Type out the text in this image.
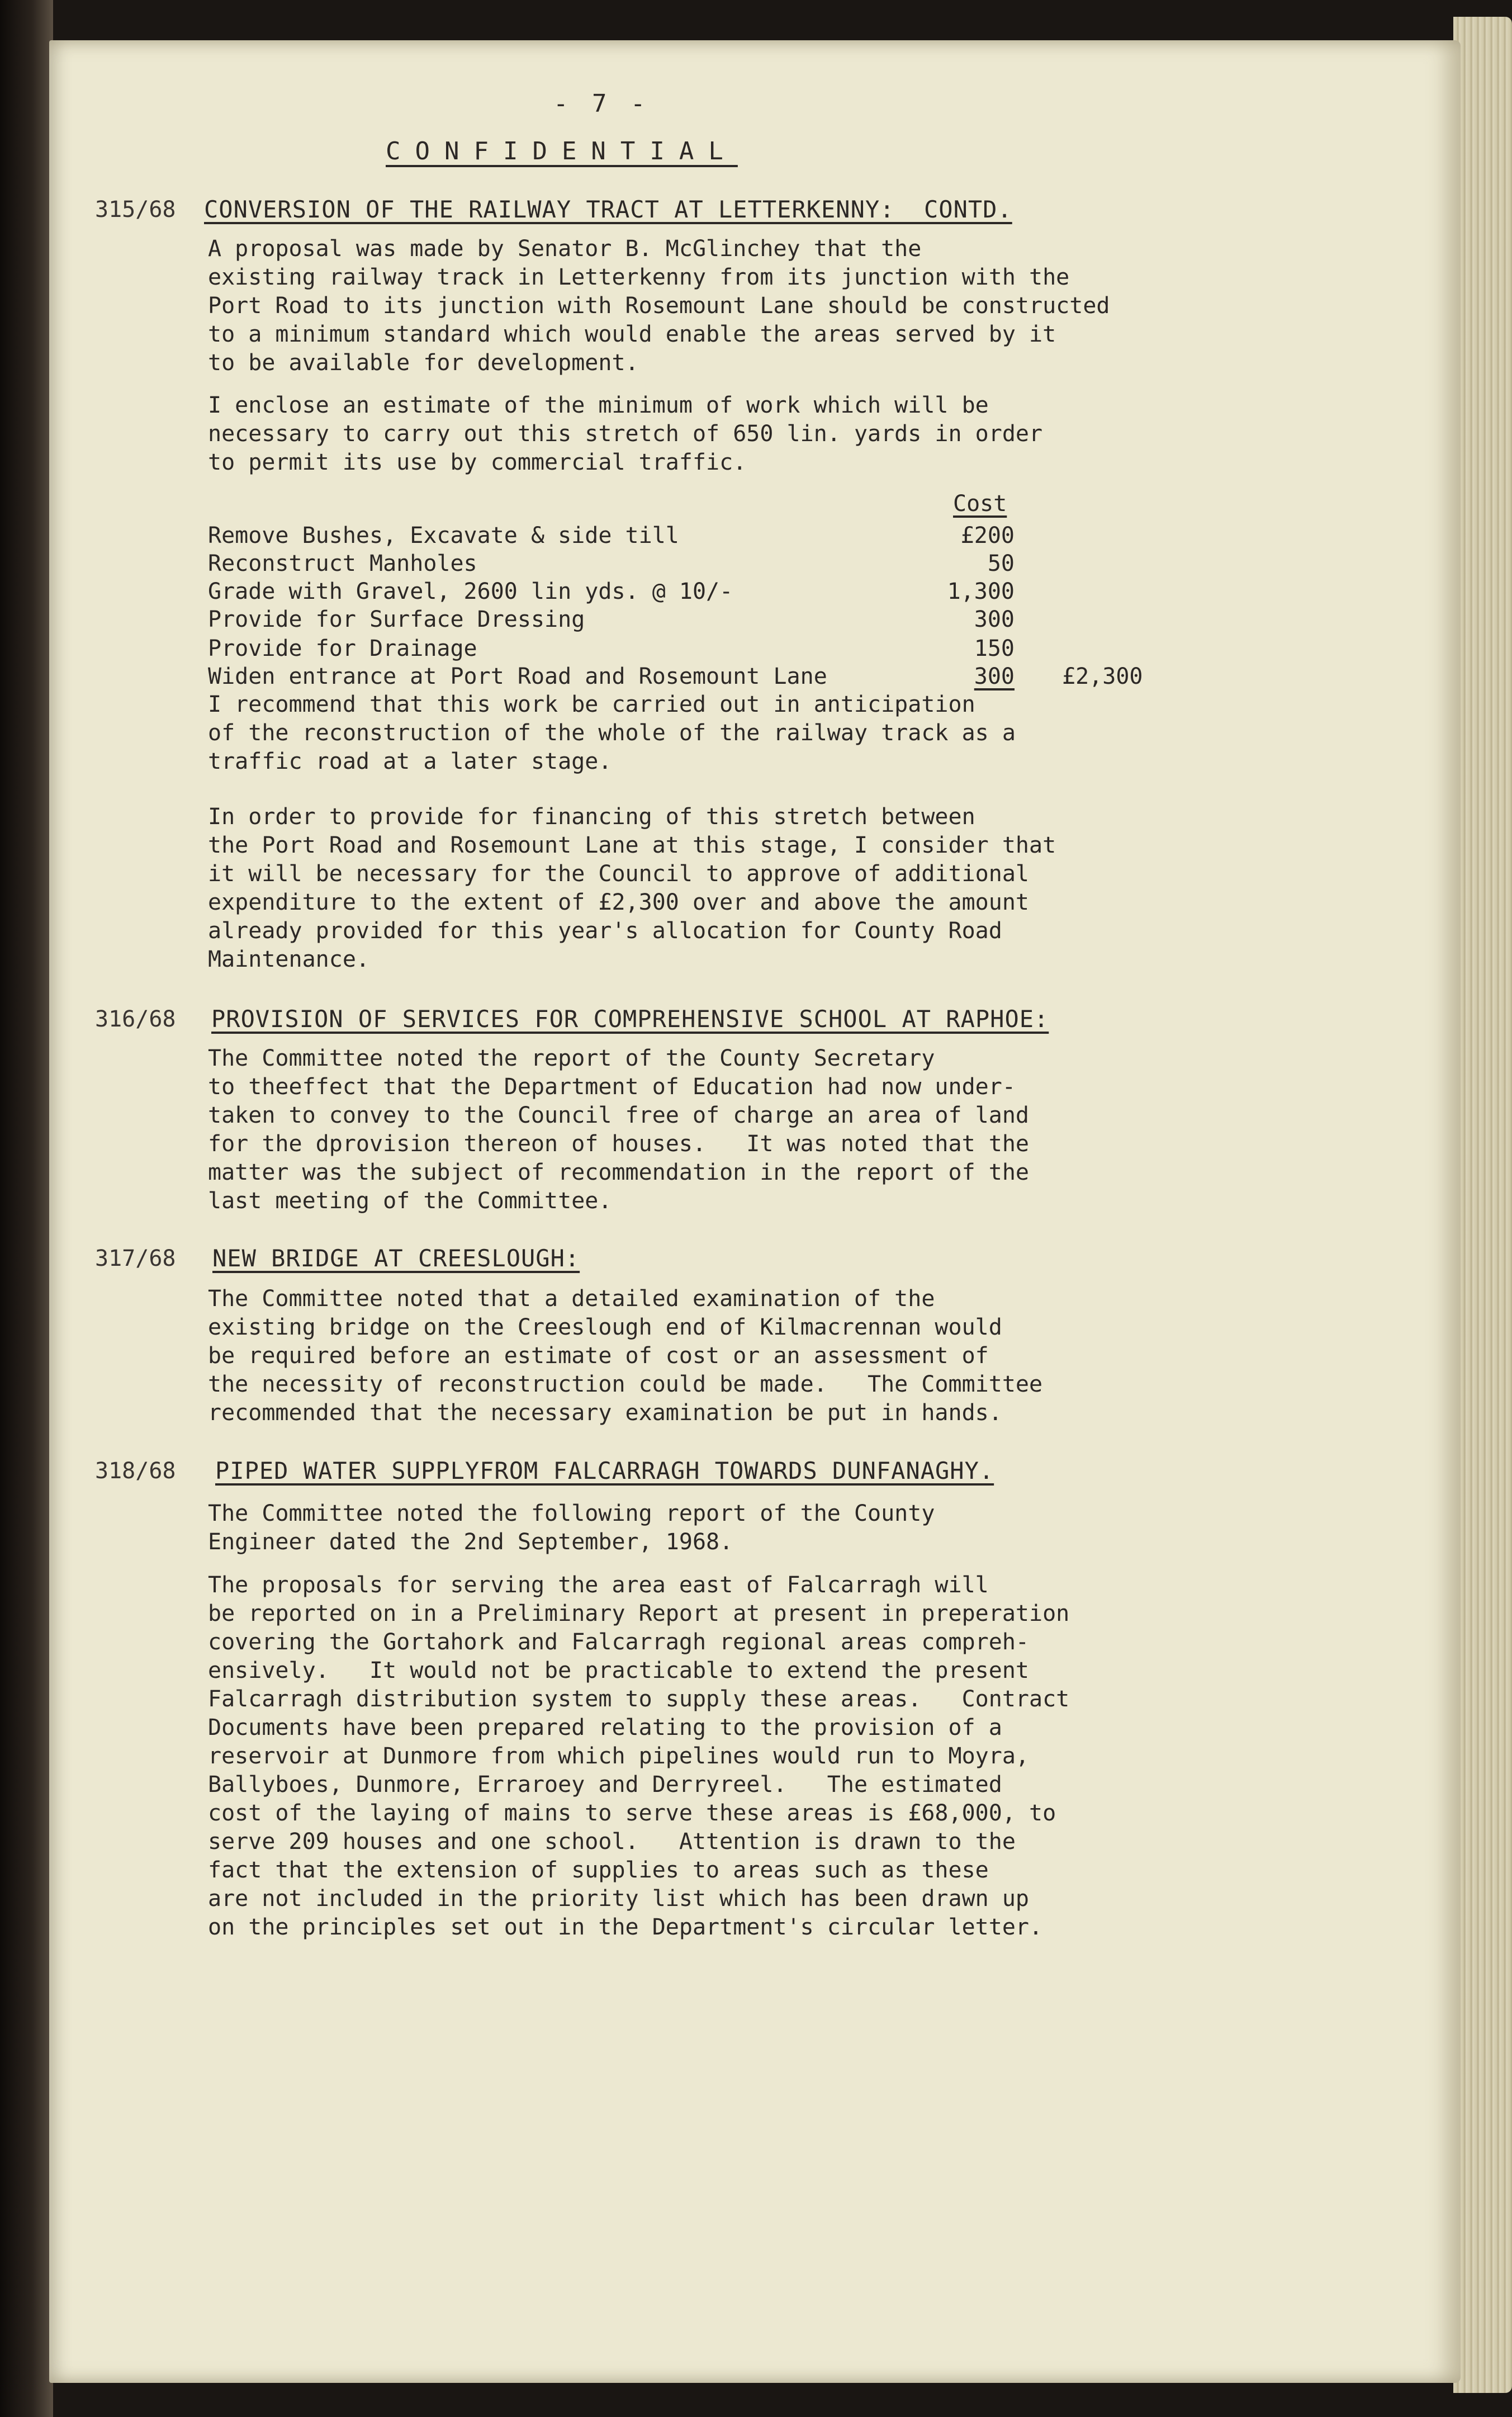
- 7 -
CONFIDENTIAL
315/68 CONVERSION OF THE RAILWAY TRACT AT LETTERKENNY:  CONTD.
A proposal was made by Senator B. McGlinchey that the
existing railway track in Letterkenny from its junction with the
Port Road to its junction with Rosemount Lane should be constructed
to a minimum standard which would enable the areas served by it
to be available for development.
I enclose an estimate of the minimum of work which will be
necessary to carry out this stretch of 650 lin. yards in order
to permit its use by commercial traffic.
Cost
Remove Bushes, Excavate & side till	£200
Reconstruct Manholes	50
Grade with Gravel, 2600 lin yds. @ 10/-	1,300
Provide for Surface Dressing	300
Provide for Drainage	150
Widen entrance at Port Road and Rosemount Lane	300 £2,300
I recommend that this work be carried out in anticipation
of the reconstruction of the whole of the railway track as a
traffic road at a later stage.
In order to provide for financing of this stretch between
the Port Road and Rosemount Lane at this stage, I consider that
it will be necessary for the Council to approve of additional
expenditure to the extent of £2,300 over and above the amount
already provided for this year's allocation for County Road
Maintenance.
316/68 PROVISION OF SERVICES FOR COMPREHENSIVE SCHOOL AT RAPHOE:
The Committee noted the report of the County Secretary
to theeffect that the Department of Education had now under-
taken to convey to the Council free of charge an area of land
for the dprovision thereon of houses.   It was noted that the
matter was the subject of recommendation in the report of the
last meeting of the Committee.
317/68 NEW BRIDGE AT CREESLOUGH:
The Committee noted that a detailed examination of the
existing bridge on the Creeslough end of Kilmacrennan would
be required before an estimate of cost or an assessment of
the necessity of reconstruction could be made.   The Committee
recommended that the necessary examination be put in hands.
318/68 PIPED WATER SUPPLYFROM FALCARRAGH TOWARDS DUNFANAGHY.
The Committee noted the following report of the County
Engineer dated the 2nd September, 1968.
The proposals for serving the area east of Falcarragh will
be reported on in a Preliminary Report at present in preperation
covering the Gortahork and Falcarragh regional areas compreh-
ensively.   It would not be practicable to extend the present
Falcarragh distribution system to supply these areas.   Contract
Documents have been prepared relating to the provision of a
reservoir at Dunmore from which pipelines would run to Moyra,
Ballyboes, Dunmore, Erraroey and Derryreel.   The estimated
cost of the laying of mains to serve these areas is £68,000, to
serve 209 houses and one school.   Attention is drawn to the
fact that the extension of supplies to areas such as these
are not included in the priority list which has been drawn up
on the principles set out in the Department's circular letter.
